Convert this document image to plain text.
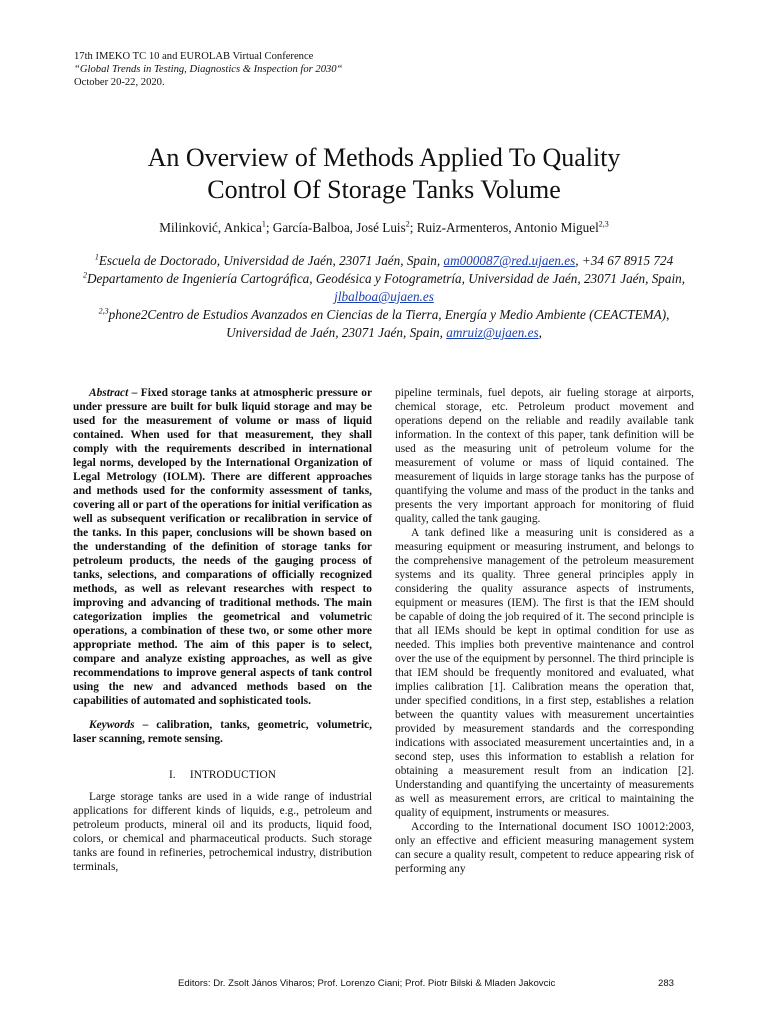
17th IMEKO TC 10 and EUROLAB Virtual Conference
“Global Trends in Testing, Diagnostics & Inspection for 2030“
October 20-22, 2020.
An Overview of Methods Applied To Quality
Control Of Storage Tanks Volume
Milinković, Ankica$^1$; García-Balboa, José Luis$^2$; Ruiz-Armenteros, Antonio Miguel$^{2,3}$
$^1$Escuela de Doctorado, Universidad de Jaén, 23071 Jaén, Spain, am000087@red.ujaen.es, +34 67 8915 724
$^2$Departamento de Ingeniería Cartográfica, Geodésica y Fotogrametría, Universidad de Jaén, 23071 Jaén, Spain, jlbalboa@ujaen.es
$^{2,3}$phone2Centro de Estudios Avanzados en Ciencias de la Tierra, Energía y Medio Ambiente (CEACTEMA), Universidad de Jaén, 23071 Jaén, Spain, amruiz@ujaen.es,

Abstract – Fixed storage tanks at atmospheric pressure or under pressure are built for bulk liquid storage and may be used for the measurement of volume or mass of liquid contained. When used for that measurement, they shall comply with the requirements described in international legal norms, developed by the International Organization of Legal Metrology (IOLM). There are different approaches and methods used for the conformity assessment of tanks, covering all or part of the operations for initial verification as well as subsequent verification or recalibration in service of the tanks. In this paper, conclusions will be shown based on the understanding of the definition of storage tanks for petroleum products, the needs of the gauging process of tanks, selections, and comparations of officially recognized methods, as well as relevant researches with respect to improving and advancing of traditional methods. The main categorization implies the geometrical and volumetric operations, a combination of these two, or some other more appropriate method. The aim of this paper is to select, compare and analyze existing approaches, as well as give recommendations to improve general aspects of tank control using the new and advanced methods based on the capabilities of automated and sophisticated tools.

Keywords – calibration, tanks, geometric, volumetric, laser scanning, remote sensing.

I. INTRODUCTION

Large storage tanks are used in a wide range of industrial applications for different kinds of liquids, e.g., petroleum and petroleum products, mineral oil and its products, liquid food, colors, or chemical and pharmaceutical products. Such storage tanks are found in refineries, petrochemical industry, distribution terminals,

pipeline terminals, fuel depots, air fueling storage at airports, chemical storage, etc. Petroleum product movement and operations depend on the reliable and readily available tank information. In the context of this paper, tank definition will be used as the measuring unit of petroleum volume for the measurement of volume or mass of liquid contained. The measurement of liquids in large storage tanks has the purpose of quantifying the volume and mass of the product in the tanks and presents the very important approach for monitoring of fluid quality, called the tank gauging.

A tank defined like a measuring unit is considered as a measuring equipment or measuring instrument, and belongs to the comprehensive management of the petroleum measurement systems and its quality. Three general principles apply in considering the quality assurance aspects of instruments, equipment or measures (IEM). The first is that the IEM should be capable of doing the job required of it. The second principle is that all IEMs should be kept in optimal condition for use as needed. This implies both preventive maintenance and control over the use of the equipment by personnel. The third principle is that IEM should be frequently monitored and evaluated, what implies calibration [1]. Calibration means the operation that, under specified conditions, in a first step, establishes a relation between the quantity values with measurement uncertainties provided by measurement standards and the corresponding indications with associated measurement uncertainties and, in a second step, uses this information to establish a relation for obtaining a measurement result from an indication [2]. Understanding and quantifying the uncertainty of measurements as well as measurement errors, are critical to maintaining the quality of equipment, instruments or measures.

According to the International document ISO 10012:2003, only an effective and efficient measuring management system can secure a quality result, competent to reduce appearing risk of performing any

Editors: Dr. Zsolt János Viharos; Prof. Lorenzo Ciani; Prof. Piotr Bilski & Mladen Jakovcic	283
